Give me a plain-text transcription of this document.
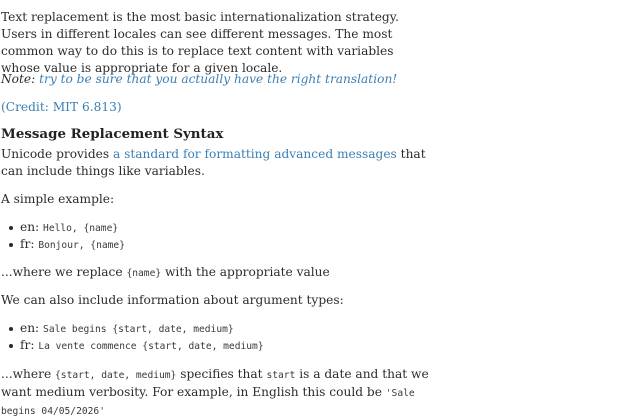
Text replacement is the most basic internationalization strategy. Users in different locales can see different messages. The most common way to do this is to replace text content with variables whose value is appropriate for a given locale.

Note: try to be sure that you actually have the right translation!

(Credit: MIT 6.813)

Message Replacement Syntax

Unicode provides a standard for formatting advanced messages that can include things like variables.

A simple example:

en: Hello, {name}
fr: Bonjour, {name}

...where we replace {name} with the appropriate value

We can also include information about argument types:

en: Sale begins {start, date, medium}
fr: La vente commence {start, date, medium}

...where {start, date, medium} specifies that start is a date and that we want medium verbosity. For example, in English this could be 'Sale begins 04/05/2026'
